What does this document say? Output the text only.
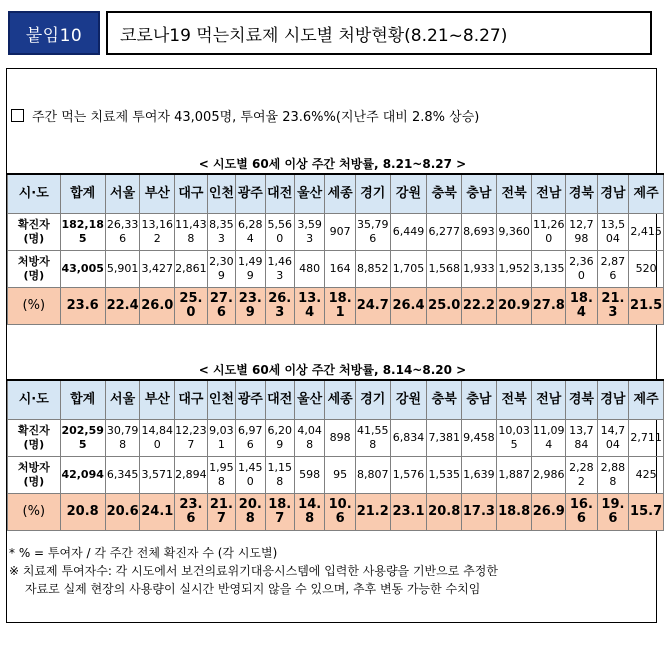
붙임10	코로나19 먹는치료제 시도별 처방현황(8.21~8.27)
주간 먹는 치료제 투여자 43,005명, 투여율 23.6%%(지난주 대비 2.8% 상승)
< 시도별 60세 이상 주간 처방률, 8.21~8.27 >
시·도	합계	서울	부산	대구	인천	광주	대전	울산	세종	경기	강원	충북	충남	전북	전남	경북	경남	제주
확진자(명)	182,185	26,336	13,162	11,438	8,353	6,284	5,560	3,593	907	35,796	6,449	6,277	8,693	9,360	11,260	12,798	13,504	2,415
처방자(명)	43,005	5,901	3,427	2,861	2,309	1,499	1,463	480	164	8,852	1,705	1,568	1,933	1,952	3,135	2,360	2,876	520
(%)	23.6	22.4	26.0	25.0	27.6	23.9	26.3	13.4	18.1	24.7	26.4	25.0	22.2	20.9	27.8	18.4	21.3	21.5
< 시도별 60세 이상 주간 처방률, 8.14~8.20 >
시·도	합계	서울	부산	대구	인천	광주	대전	울산	세종	경기	강원	충북	충남	전북	전남	경북	경남	제주
확진자(명)	202,595	30,798	14,840	12,237	9,031	6,976	6,209	4,048	898	41,558	6,834	7,381	9,458	10,035	11,094	13,784	14,704	2,711
처방자(명)	42,094	6,345	3,571	2,894	1,958	1,450	1,158	598	95	8,807	1,576	1,535	1,639	1,887	2,986	2,282	2,888	425
(%)	20.8	20.6	24.1	23.6	21.7	20.8	18.7	14.8	10.6	21.2	23.1	20.8	17.3	18.8	26.9	16.6	19.6	15.7
* % = 투여자 / 각 주간 전체 확진자 수 (각 시도별)
※ 치료제 투여자수: 각 시도에서 보건의료위기대응시스템에 입력한 사용량을 기반으로 추정한
자료로 실제 현장의 사용량이 실시간 반영되지 않을 수 있으며, 추후 변동 가능한 수치임
